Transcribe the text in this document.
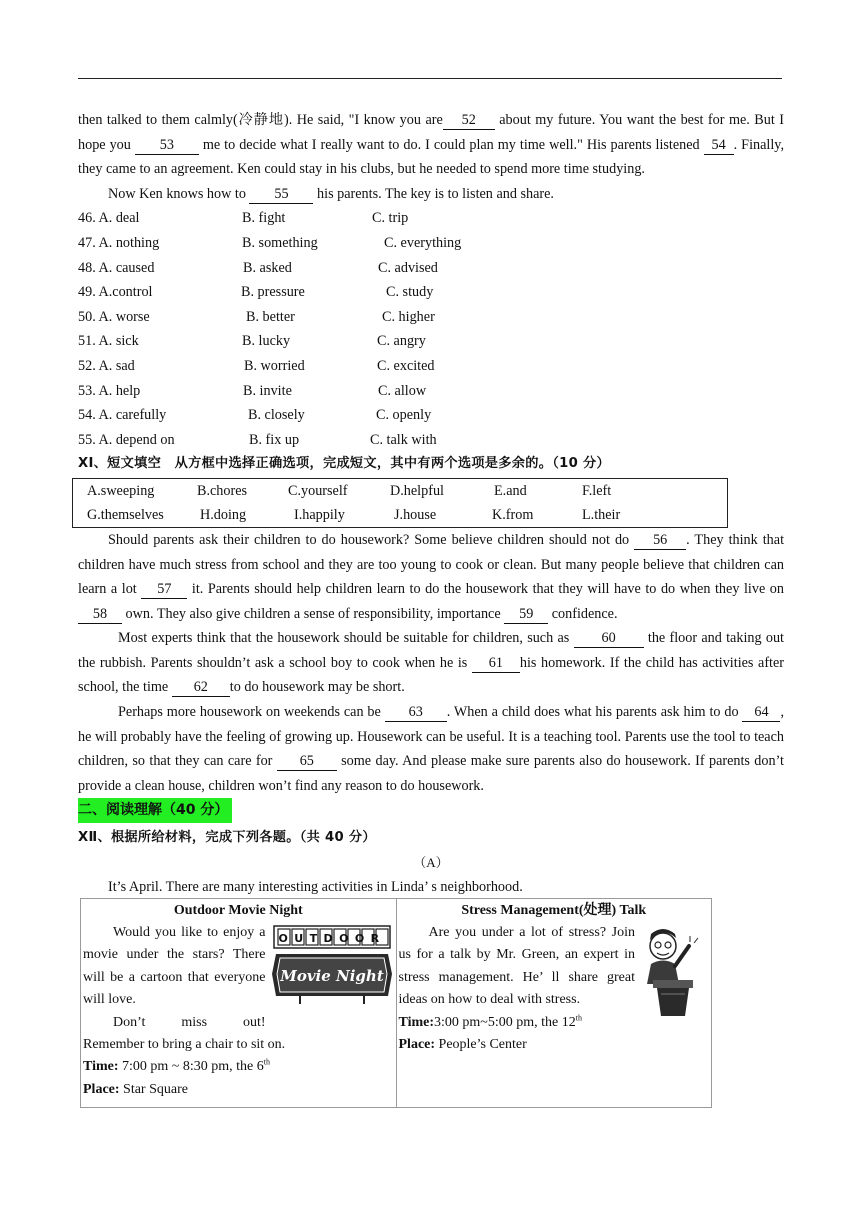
then talked to them calmly(冷静地). He said, "I know you are 52 about my future. You want the best for me. But I hope you 53 me to decide what I really want to do. I could plan my time well." His parents listened 54 . Finally, they came to an agreement. Ken could stay in his clubs, but he needed to spend more time studying.

Now Ken knows how to 55 his parents. The key is to listen and share.

46. A. deal	B. fight	C. trip
47. A. nothing	B. something	C. everything
48. A. caused	B. asked	C. advised
49. A.control	B. pressure	C. study
50. A. worse	B. better	C. higher
51. A. sick	B. lucky	C. angry
52. A. sad	B. worried	C. excited
53. A. help	B. invite	C. allow
54. A. carefully	B. closely	C. openly
55. A. depend on	B. fix up	C. talk with
ⅩⅠ、短文填空　从方框中选择正确选项，完成短文，其中有两个选项是多余的。（10 分）
A.sweeping	B.chores	C.yourself	D.helpful	E.and	F.left
G.themselves	H.doing	I.happily	J.house	K.from	L.their

Should parents ask their children to do housework? Some believe children should not do 56 . They think that children have much stress from school and they are too young to cook or clean. But many people believe that children can learn a lot 57 it. Parents should help children learn to do the housework that they will have to do when they live on 58 own. They also give children a sense of responsibility, importance 59 confidence.

Most experts think that the housework should be suitable for children, such as 60 the floor and taking out the rubbish. Parents shouldn’t ask a school boy to cook when he is 61 his homework. If the child has activities after school, the time 62 to do housework may be short.

Perhaps more housework on weekends can be 63 . When a child does what his parents ask him to do 64 , he will probably have the feeling of growing up. Housework can be useful. It is a teaching tool. Parents use the tool to teach children, so that they can care for 65 some day. And please make sure parents also do housework. If parents don’t provide a clean house, children won’t find any reason to do housework.

二、阅读理解（40 分）
ⅩⅡ、根据所给材料，完成下列各题。（共 40 分）
（A）

It’s April. There are many interesting activities in Linda’ s neighborhood.

Outdoor Movie Night
OUTDOOR
Movie Night

Would you like to enjoy a movie under the stars? There will be a cartoon that everyone will love.

Don’t miss out! Remember to bring a chair to sit on.

Time: 7:00 pm ~ 8:30 pm, the 6th
Place: Star Square

Stress Management(处理) Talk

Are you under a lot of stress? Join us for a talk by Mr. Green, an expert in stress management. He’ ll share great ideas on how to deal with stress.

Time:3:00 pm~5:00 pm, the 12th
Place: People’s Center
